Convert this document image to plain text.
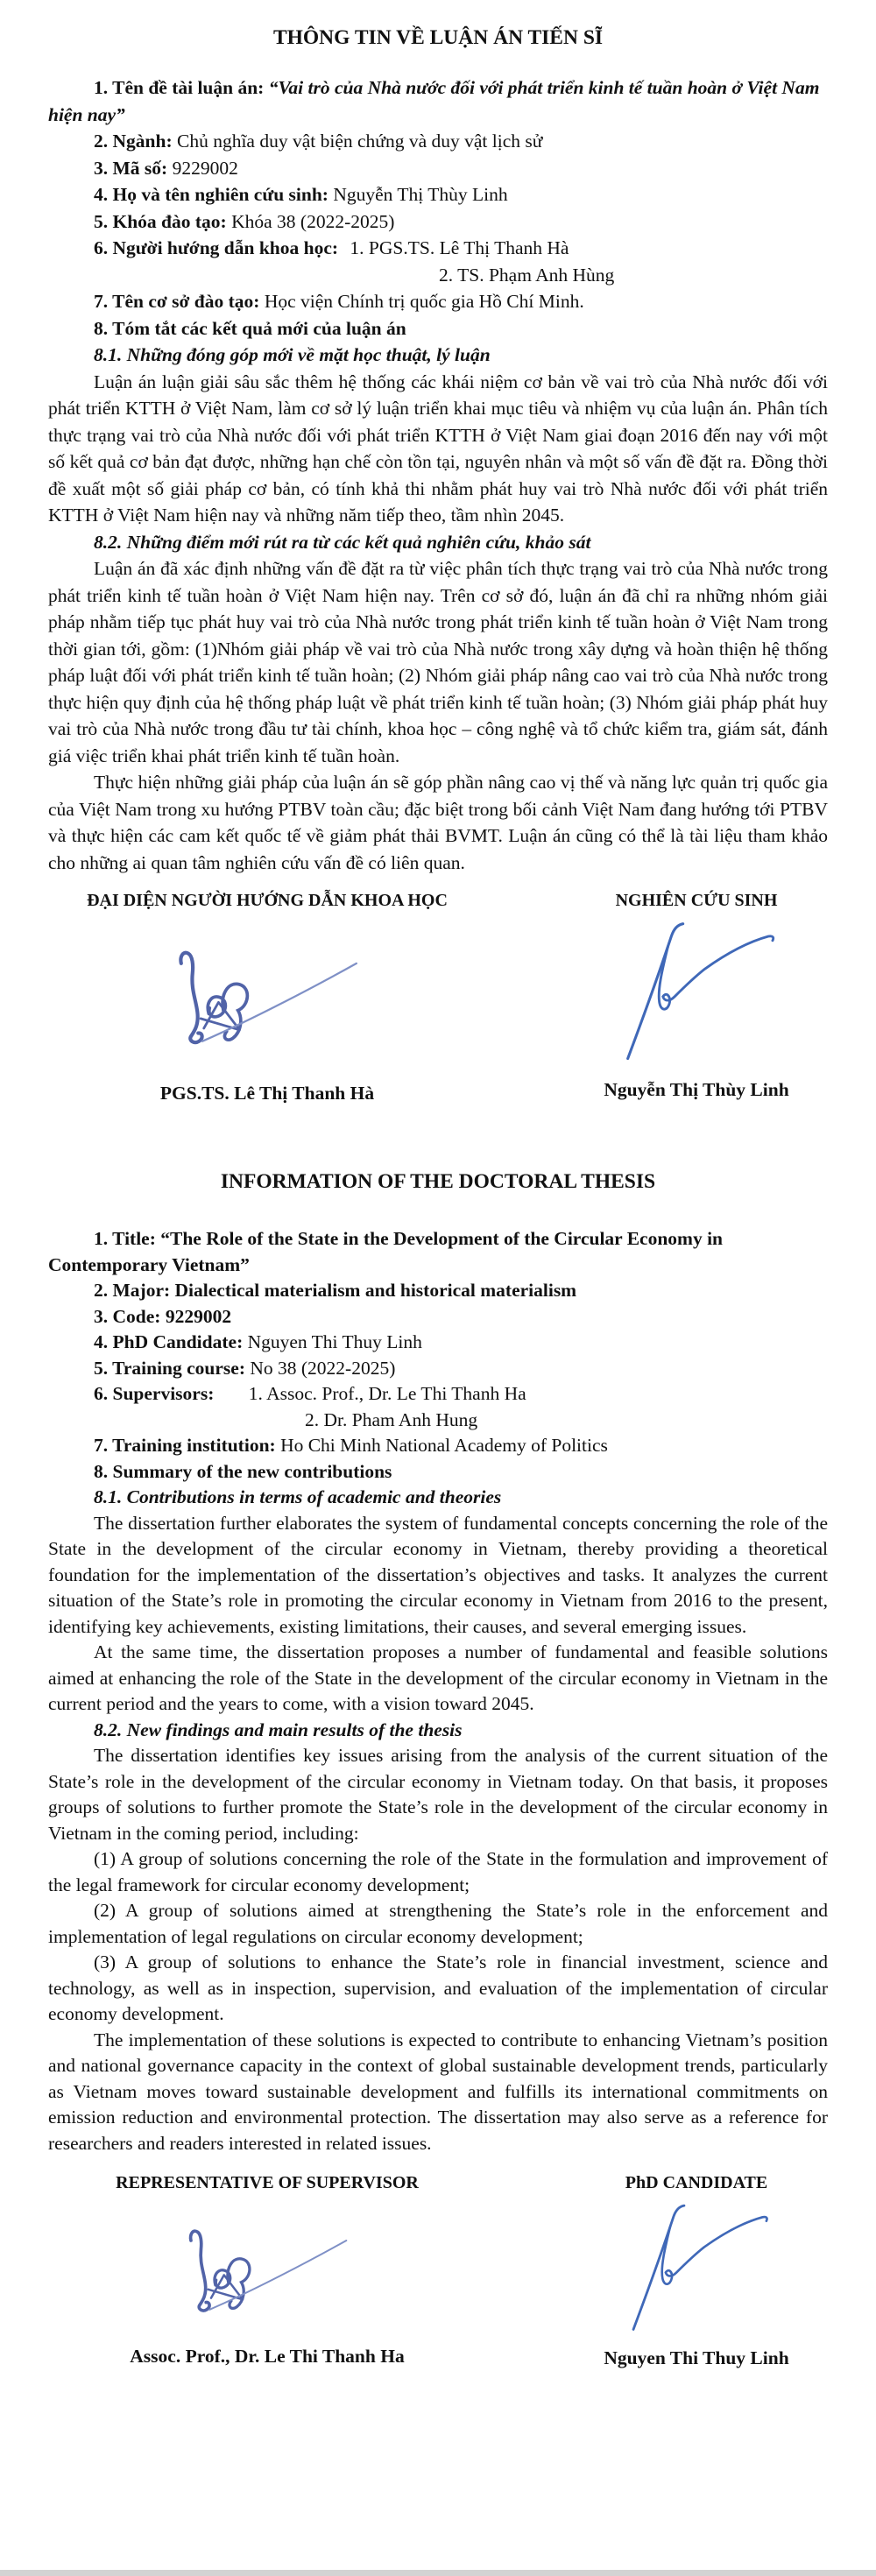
THÔNG TIN VỀ LUẬN ÁN TIẾN SĨ

1. Tên đề tài luận án: “Vai trò của Nhà nước đối với phát triển kinh tế tuần hoàn ở Việt Nam hiện nay”

2. Ngành: Chủ nghĩa duy vật biện chứng và duy vật lịch sử

3. Mã số: 9229002

4. Họ và tên nghiên cứu sinh: Nguyễn Thị Thùy Linh

5. Khóa đào tạo: Khóa 38 (2022-2025)

6. Người hướng dẫn khoa học: 1. PGS.TS. Lê Thị Thanh Hà
2. TS. Phạm Anh Hùng

7. Tên cơ sở đào tạo: Học viện Chính trị quốc gia Hồ Chí Minh.

8. Tóm tắt các kết quả mới của luận án

8.1. Những đóng góp mới về mặt học thuật, lý luận

Luận án luận giải sâu sắc thêm hệ thống các khái niệm cơ bản về vai trò của Nhà nước đối với phát triển KTTH ở Việt Nam, làm cơ sở lý luận triển khai mục tiêu và nhiệm vụ của luận án. Phân tích thực trạng vai trò của Nhà nước đối với phát triển KTTH ở Việt Nam giai đoạn 2016 đến nay với một số kết quả cơ bản đạt được, những hạn chế còn tồn tại, nguyên nhân và một số vấn đề đặt ra. Đồng thời đề xuất một số giải pháp cơ bản, có tính khả thi nhằm phát huy vai trò Nhà nước đối với phát triển KTTH ở Việt Nam hiện nay và những năm tiếp theo, tầm nhìn 2045.

8.2. Những điểm mới rút ra từ các kết quả nghiên cứu, khảo sát

Luận án đã xác định những vấn đề đặt ra từ việc phân tích thực trạng vai trò của Nhà nước trong phát triển kinh tế tuần hoàn ở Việt Nam hiện nay. Trên cơ sở đó, luận án đã chỉ ra những nhóm giải pháp nhằm tiếp tục phát huy vai trò của Nhà nước trong phát triển kinh tế tuần hoàn ở Việt Nam trong thời gian tới, gồm: (1)Nhóm giải pháp về vai trò của Nhà nước trong xây dựng và hoàn thiện hệ thống pháp luật đối với phát triển kinh tế tuần hoàn; (2) Nhóm giải pháp nâng cao vai trò của Nhà nước trong thực hiện quy định của hệ thống pháp luật về phát triển kinh tế tuần hoàn; (3) Nhóm giải pháp phát huy vai trò của Nhà nước trong đầu tư tài chính, khoa học – công nghệ và tổ chức kiểm tra, giám sát, đánh giá việc triển khai phát triển kinh tế tuần hoàn.

Thực hiện những giải pháp của luận án sẽ góp phần nâng cao vị thế và năng lực quản trị quốc gia của Việt Nam trong xu hướng PTBV toàn cầu; đặc biệt trong bối cảnh Việt Nam đang hướng tới PTBV và thực hiện các cam kết quốc tế về giảm phát thải BVMT. Luận án cũng có thể là tài liệu tham khảo cho những ai quan tâm nghiên cứu vấn đề có liên quan.

ĐẠI DIỆN NGƯỜI HƯỚNG DẪN KHOA HỌC
PGS.TS. Lê Thị Thanh Hà
NGHIÊN CỨU SINH
Nguyễn Thị Thùy Linh
INFORMATION OF THE DOCTORAL THESIS

1. Title: “The Role of the State in the Development of the Circular Economy in Contemporary Vietnam”

2. Major: Dialectical materialism and historical materialism

3. Code: 9229002

4. PhD Candidate: Nguyen Thi Thuy Linh

5. Training course: No 38 (2022-2025)

6. Supervisors: 1. Assoc. Prof., Dr. Le Thi Thanh Ha
2. Dr. Pham Anh Hung

7. Training institution: Ho Chi Minh National Academy of Politics

8. Summary of the new contributions

8.1. Contributions in terms of academic and theories

The dissertation further elaborates the system of fundamental concepts concerning the role of the State in the development of the circular economy in Vietnam, thereby providing a theoretical foundation for the implementation of the dissertation’s objectives and tasks. It analyzes the current situation of the State’s role in promoting the circular economy in Vietnam from 2016 to the present, identifying key achievements, existing limitations, their causes, and several emerging issues.

At the same time, the dissertation proposes a number of fundamental and feasible solutions aimed at enhancing the role of the State in the development of the circular economy in Vietnam in the current period and the years to come, with a vision toward 2045.

8.2. New findings and main results of the thesis

The dissertation identifies key issues arising from the analysis of the current situation of the State’s role in the development of the circular economy in Vietnam today. On that basis, it proposes groups of solutions to further promote the State’s role in the development of the circular economy in Vietnam in the coming period, including:

(1) A group of solutions concerning the role of the State in the formulation and improvement of the legal framework for circular economy development;

(2) A group of solutions aimed at strengthening the State’s role in the enforcement and implementation of legal regulations on circular economy development;

(3) A group of solutions to enhance the State’s role in financial investment, science and technology, as well as in inspection, supervision, and evaluation of the implementation of circular economy development.

The implementation of these solutions is expected to contribute to enhancing Vietnam’s position and national governance capacity in the context of global sustainable development trends, particularly as Vietnam moves toward sustainable development and fulfills its international commitments on emission reduction and environmental protection. The dissertation may also serve as a reference for researchers and readers interested in related issues.

REPRESENTATIVE OF SUPERVISOR
Assoc. Prof., Dr. Le Thi Thanh Ha
PhD CANDIDATE
Nguyen Thi Thuy Linh
